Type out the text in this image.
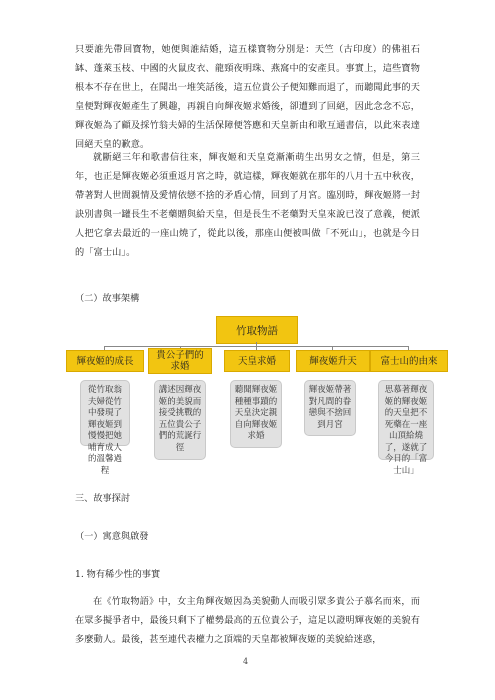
只要誰先帶回寶物，她便與誰結婚，這五樣寶物分別是：天竺（古印度）的佛祖石缽、蓬萊玉枝、中國的火鼠皮衣、龍頸夜明珠、燕窩中的安產貝。事實上，這些寶物根本不存在世上，在聞出一堆笑話後，這五位貴公子便知難而退了，而聽聞此事的天皇便對輝夜姬產生了興趣，再親自向輝夜姬求婚後，卻遭到了回絕，因此念念不忘，輝夜姬為了顧及採竹翁夫婦的生活保障便答應和天皇新由和歌互通書信，以此來表達回絕天皇的歉意。

就斷絕三年和歌書信往來，輝夜姬和天皇竟漸漸萌生出男女之情，但是，第三年，也正是輝夜姬必須重返月宮之時，就這樣，輝夜姬就在那年的八月十五中秋夜，帶著對人世間親情及愛情依戀不捨的矛盾心情，回到了月宮。臨別時，輝夜姬將一封訣別書與一罐長生不老藥贈與給天皇，但是長生不老藥對天皇來說已沒了意義，便派人把它拿去最近的一座山燒了，從此以後，那座山便被叫做「不死山」，也就是今日的「富士山」。

（二）故事架構

竹取物語
輝夜姬的成長	貴公子們的求婚	天皇求婚	輝夜姬升天	富士山的由來
從竹取翁夫婦從竹中發現了輝夜姬到慢慢把她哺育成人的溫馨過程
講述因輝夜姬的美貌而接受挑戰的五位貴公子們的荒誕行徑
聽聞輝夜姬種種事蹟的天皇決定親自向輝夜姬求婚
輝夜姬帶著對凡間的眷戀與不捨回到月宮
思慕著輝夜姬的輝夜姬的天皇把不死藥在一座山頂給燒了，遂就了今日的「富士山」

三、故事探討

（一）寓意與啟發

1. 物有稀少性的事實

在《竹取物語》中，女主角輝夜姬因為美貌動人而吸引眾多貴公子慕名而來，而在眾多擬爭者中，最後只剩下了權勢最高的五位貴公子，這足以證明輝夜姬的美貌有多麼動人。最後，甚至連代表權力之頂端的天皇都被輝夜姬的美貌給迷惑，

4
